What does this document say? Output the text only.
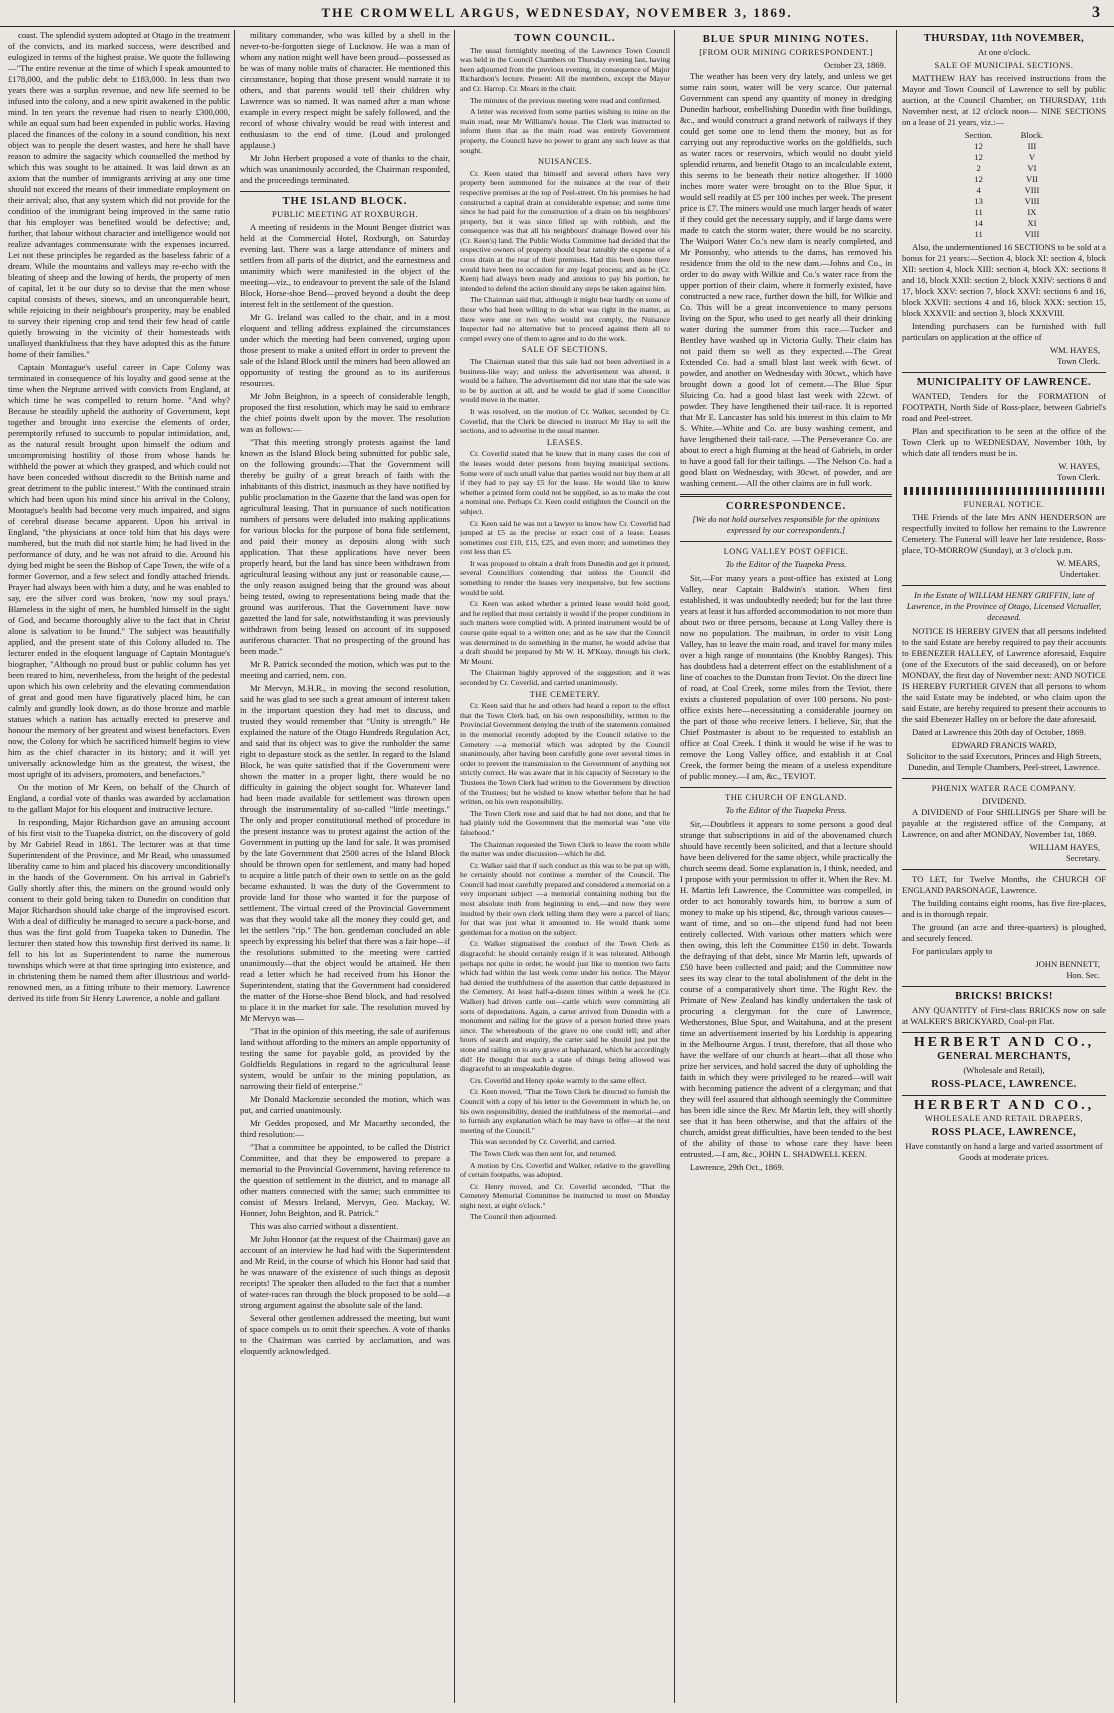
THE CROMWELL ARGUS, WEDNESDAY, NOVEMBER 3, 1869.	3

coast. The splendid system adopted at Otago in the treatment of the convicts, and its marked success, were described and eulogized in terms of the highest praise. We quote the following—"The entire revenue at the time of which I speak amounted to £178,000, and the public debt to £183,000. In less than two years there was a surplus revenue, and new life seemed to be infused into the colony, and a new spirit awakened in the public mind. In ten years the revenue had risen to nearly £300,000, while an equal sum had been expended in public works. Having placed the finances of the colony in a sound condition, his next object was to people the desert wastes, and here he shall have reason to admire the sagacity which counselled the method by which this was sought to be attained. It was laid down as an axiom that the number of immigrants arriving at any one time should not exceed the means of their immediate employment on their arrival; also, that any system which did not provide for the condition of the immigrant being improved in the same ratio that his employer was benefited would be defective; and, further, that labour without character and intelligence would not realize advantages commensurate with the expenses incurred. Let not these principles be regarded as the baseless fabric of a dream. While the mountains and valleys may re-echo with the bleating of sheep and the lowing of herds, the property of men of capital, let it be our duty so to devise that the men whose capital consists of thews, sinews, and an unconquerable heart, while rejoicing in their neighbour's prosperity, may be enabled to survey their ripening crop and tend their few head of cattle quietly browsing in the vicinity of their homesteads with unalloyed thankfulness that they have adopted this as the future home of their families."

Captain Montague's useful career in Cape Colony was terminated in consequence of his loyalty and good sense at the time when the Neptune arrived with convicts from England, at which time he was compelled to return home. "And why? Because he steadily upheld the authority of Government, kept together and brought into exercise the elements of order, peremptorily refused to succumb to popular intimidation, and, as the natural result brought upon himself the odium and uncompromising hostility of those from whose hands he withheld the power at which they grasped, and which could not have been conceded without discredit to the British name and great detriment to the public interest." With the continued strain which had been upon his mind since his arrival in the Colony, Montague's health had become very much impaired, and signs of cerebral disease became apparent. Upon his arrival in England, "the physicians at once told him that his days were numbered, but the truth did not startle him; he had lived in the performance of duty, and he was not afraid to die. Around his dying bed might be seen the Bishop of Cape Town, the wife of a former Governor, and a few select and fondly attached friends. Prayer had always been with him a duty, and he was enabled to say, ere the silver cord was broken, 'now my soul prays.' Blameless in the sight of men, he humbled himself in the sight of God, and became thoroughly alive to the fact that in Christ alone is salvation to be found." The subject was beautifully applied, and the present state of this Colony alluded to. The lecturer ended in the eloquent language of Captain Montague's biographer, "Although no proud bust or public column has yet been reared to him, nevertheless, from the height of the pedestal upon which his own celebrity and the elevating commendation of great and good men have figuratively placed him, he can calmly and grandly look down, as do those bronze and marble statues which a nation has actually erected to preserve and honour the memory of her greatest and wisest benefactors. Even now, the Colony for which he sacrificed himself begins to view him as the chief character in its history; and it will yet universally acknowledge him as the greatest, the wisest, the most upright of its advisers, promoters, and benefactors."

On the motion of Mr Keen, on behalf of the Church of England, a cordial vote of thanks was awarded by acclamation to the gallant Major for his eloquent and instructive lecture.

In responding, Major Richardson gave an amusing account of his first visit to the Tuapeka district, on the discovery of gold by Mr Gabriel Read in 1861. The lecturer was at that time Superintendent of the Province, and Mr Read, who unassumed liberality came to him and placed his discovery unconditionally in the hands of the Government. On his arrival in Gabriel's Gully shortly after this, the miners on the ground would only consent to their gold being taken to Dunedin on condition that Major Richardson should take charge of the improvised escort. With a deal of difficulty he managed to secure a pack-horse, and thus was the first gold from Tuapeka taken to Dunedin. The lecturer then stated how this township first derived its name. It fell to his lot as Superintendent to name the numerous townships which were at that time springing into existence, and in christening them he named them after illustrious and world-renowned men, as a fitting tribute to their memory. Lawrence derived its title from Sir Henry Lawrence, a noble and gallant

military commander, who was killed by a shell in the never-to-be-forgotten siege of Lucknow. He was a man of whom any nation might well have been proud—possessed as he was of many noble traits of character. He mentioned this circumstance, hoping that those present would narrate it to others, and that parents would tell their children why Lawrence was so named. It was named after a man whose example in every respect might be safely followed, and the record of whose chivalry would be read with interest and enthusiasm to the end of time. (Loud and prolonged applause.)

Mr John Herbert proposed a vote of thanks to the chair, which was unanimously accorded, the Chairman responded, and the proceedings terminated.

THE ISLAND BLOCK.
PUBLIC MEETING AT ROXBURGH.

A meeting of residents in the Mount Benger district was held at the Commercial Hotel, Roxburgh, on Saturday evening last. There was a large attendance of miners and settlers from all parts of the district, and the earnestness and unanimity which were manifested in the object of the meeting—viz., to endeavour to prevent the sale of the Island Block, Horse-shoe Bend—proved beyond a doubt the deep interest felt in the settlement of the question.

Mr G. Ireland was called to the chair, and in a most eloquent and telling address explained the circumstances under which the meeting had been convened, urging upon those present to make a united effort in order to prevent the sale of the Island Block until the miners had been allowed an opportunity of testing the ground as to its auriferous resources.

Mr John Beighton, in a speech of considerable length, proposed the first resolution, which may be said to embrace the chief points dwelt upon by the mover. The resolution was as follows:—

"That this meeting strongly protests against the land known as the Island Block being submitted for public sale, on the following grounds:—That the Government will thereby be guilty of a great breach of faith with the inhabitants of this district, inasmuch as they have notified by public proclamation in the Gazette that the land was open for agricultural leasing. That in pursuance of such notification numbers of persons were deluded into making applications for various blocks for the purpose of bona fide settlement, and paid their money as deposits along with such application. That these applications have never been properly heard, but the land has since been withdrawn from agricultural leasing without any just or reasonable cause,—the only reason assigned being that the ground was about being tested, owing to representations being made that the ground was auriferous. That the Government have now gazetted the land for sale, notwithstanding it was previously withdrawn from being leased on account of its supposed auriferous character. That no prospecting of the ground has been made."

Mr R. Patrick seconded the motion, which was put to the meeting and carried, nem. con.

Mr Mervyn, M.H.R., in moving the second resolution, said he was glad to see such a great amount of interest taken in the important question they had met to discuss, and trusted they would remember that "Unity is strength." He explained the nature of the Otago Hundreds Regulation Act, and said that its object was to give the runholder the same right to depasture stock as the settler. In regard to the Island Block, he was quite satisfied that if the Government were shown the matter in a proper light, there would be no difficulty in gaining the object sought for. Whatever land had been made available for settlement was thrown open through the instrumentality of so-called "little meetings." The only and proper constitutional method of procedure in the present instance was to protest against the action of the Government in putting up the land for sale. It was promised by the late Government that 2500 acres of the Island Block should be thrown open for settlement, and many had hoped to acquire a little patch of their own to settle on as the gold became exhausted. It was the duty of the Government to provide land for those who wanted it for the purpose of settlement. The virtual creed of the Provincial Government was that they would take all the money they could get, and let the settlers "rip." The hon. gentleman concluded an able speech by expressing his belief that there was a fair hope—if the resolutions submitted to the meeting were carried unanimously—that the object would be attained. He then read a letter which he had received from his Honor the Superintendent, stating that the Government had considered the matter of the Horse-shoe Bend block, and had resolved to place it in the market for sale. The resolution moved by Mr Mervyn was—

"That in the opinion of this meeting, the sale of auriferous land without affording to the miners an ample opportunity of testing the same for payable gold, as provided by the Goldfields Regulations in regard to the agricultural lease system, would be unfair to the mining population, as narrowing their field of enterprise."

Mr Donald Mackenzie seconded the motion, which was put, and carried unanimously.

Mr Geddes proposed, and Mr Macarthy seconded, the third resolution:—

"That a committee be appointed, to be called the District Committee, and that they be empowered to prepare a memorial to the Provincial Government, having reference to the question of settlement in the district, and to manage all other matters connected with the same; such committee to consist of Messrs Ireland, Mervyn, Geo. Mackay, W. Honner, John Beighton, and R. Patrick."

This was also carried without a dissentient.

Mr John Honnor (at the request of the Chairman) gave an account of an interview he had had with the Superintendent and Mr Reid, in the course of which his Honor had said that he was unaware of the existence of such things as deposit receipts! The speaker then alluded to the fact that a number of water-races ran through the block proposed to be sold—a strong argument against the absolute sale of the land.

Several other gentlemen addressed the meeting, but want of space compels us to omit their speeches. A vote of thanks to the Chairman was carried by acclamation, and was eloquently acknowledged.

TOWN COUNCIL.

The usual fortnightly meeting of the Lawrence Town Council was held in the Council Chambers on Thursday evening last, having been adjourned from the previous evening, in consequence of Major Richardson's lecture. Present: All the members, except the Mayor and Cr. Harrop. Cr. Mears in the chair.

The minutes of the previous meeting were read and confirmed.

A letter was received from some parties wishing to mine on the main road, near Mr Williams's house. The Clerk was instructed to inform them that as the main road was entirely Government property, the Council have no power to grant any such leave as that sought.

NUISANCES.

Cr. Keen stated that himself and several others have very property been summoned for the nuisance at the rear of their respective premises at the top of Peel-street. On his premises he had constructed a capital drain at considerable expense; and some time since he had paid for the construction of a drain on his neighbours' property, but it was since filled up with rubbish, and the consequence was that all his neighbours' drainage flowed over his (Cr. Keen's) land. The Public Works Committee had decided that the respective owners of property should bear rateably the expense of a cross drain at the rear of their premises. Had this been done there would have been no occasion for any legal process; and as he (Cr. Keen) had always been ready and anxious to pay his portion, he intended to defend the action should any steps be taken against him.

The Chairman said that, although it might bear hardly on some of those who had been willing to do what was right in the matter, as there were one or two who would not comply, the Nuisance Inspector had no alternative but to proceed against them all to compel every one of them to agree and to do the work.

SALE OF SECTIONS.

The Chairman stated that this sale had not been advertised in a business-like way; and unless the advertisement was altered, it would be a failure. The advertisement did not state that the sale was to be by auction at all, and he would be glad if some Councillor would move in the matter.

It was resolved, on the motion of Cr. Walker, seconded by Cr. Coverlid, that the Clerk be directed to instruct Mr Hay to sell the sections, and to advertise in the usual manner.

LEASES.

Cr. Coverlid stated that he knew that in many cases the cost of the leases would deter persons from buying municipal sections. Some were of such small value that parties would not buy them at all if they had to pay say £5 for the lease. He would like to know whether a printed form could not be supplied, so as to make the cost a nominal one. Perhaps Cr. Keen could enlighten the Council on the subject.

Cr. Keen said he was not a lawyer to know how Cr. Coverlid had jumped at £5 as the precise or exact cost of a lease. Leases sometimes cost £10, £15, £25, and even more; and sometimes they cost less than £5.

It was proposed to obtain a draft from Dunedin and get it printed, several Councillors contending that unless the Council did something to render the leases very inexpensive, but few sections would be sold.

Cr. Keen was asked whether a printed lease would hold good, and he replied that most certainly it would if the proper conditions in such matters were complied with. A printed instrument would be of course quite equal to a written one; and as he saw that the Council was determined to do something in the matter, he would advise that a draft should be prepared by Mr W. H. M'Keay, through his clerk, Mr Mount.

The Chairman highly approved of the suggestion; and it was seconded by Cr. Coverlid, and carried unanimously.

THE CEMETERY.

Cr. Keen said that he and others had heard a report to the effect that the Town Clerk had, on his own responsibility, written to the Provincial Government denying the truth of the statements contained in the memorial recently adopted by the Council relative to the Cemetery —a memorial which was adopted by the Council unanimously, after having been carefully gone over several times in order to prevent the transmission to the Government of anything not strictly correct. He was aware that in his capacity of Secretary to the Trustees the Town Clerk had written to the Government by direction of the Trustees; but he wished to know whether before that he had written, on his own responsibility.

The Town Clerk rose and said that he had not done, and that he had plainly told the Government that the memorial was "one vile falsehood."

The Chairman requested the Town Clerk to leave the room while the matter was under discussion—which he did.

Cr. Walker said that if such conduct as this was to be put up with, he certainly should not continue a member of the Council. The Council had most carefully prepared and considered a memorial on a very important subject —a memorial containing nothing but the most absolute truth from beginning to end,—and now they were insulted by their own clerk telling them they were a parcel of liars; for that was just what it amounted to. He would thank some gentleman for a motion on the subject.

Cr. Walker stigmatised the conduct of the Town Clerk as disgraceful: he should certainly resign if it was tolerated. Although perhaps not quite in order, he would just like to mention two facts which had within the last week come under his notice. The Mayor had denied the truthfulness of the assertion that cattle depastured in the Cemetery. At least half-a-dozen times within a week he (Cr. Walker) had driven cattle out—cattle which were committing all sorts of depredations. Again, a carter arrived from Dunedin with a monument and railing for the grave of a person buried three years since. The whereabouts of the grave no one could tell; and after hours of search and enquiry, the carter said he should just put the stone and railing on to any grave at haphazard, which he accordingly did! He thought that such a state of things being allowed was disgraceful to an unspeakable degree.

Crs. Coverlid and Henry spoke warmly to the same effect.

Cr. Keen moved, "That the Town Clerk be directed to furnish the Council with a copy of his letter to the Government in which he, on his own responsibility, denied the truthfulness of the memorial—and to furnish any explanation which he may have to offer—at the next meeting of the Council."

This was seconded by Cr. Coverlid, and carried.

The Town Clerk was then sent for, and returned.

A motion by Crs. Coverlid and Walker, relative to the gravelling of certain footpaths, was adopted.

Cr. Henry moved, and Cr. Coverlid seconded, "That the Cemetery Memorial Committee be instructed to meet on Monday night next, at eight o'clock."

The Council then adjourned.

BLUE SPUR MINING NOTES.
[FROM OUR MINING CORRESPONDENT.]
October 23, 1869.

The weather has been very dry lately, and unless we get some rain soon, water will be very scarce. Our paternal Government can spend any quantity of money in dredging Dunedin harbour, embellishing Dunedin with fine buildings, &c., and would construct a grand network of railways if they could get some one to lend them the money, but as for carrying out any reproductive works on the goldfields, such as water races or reservoirs, which would no doubt yield splendid returns, and benefit Otago to an incalculable extent, this seems to be beneath their notice altogether. If 1000 inches more water were brought on to the Blue Spur, it would sell readily at £5 per 100 inches per week. The present price is £7. The miners would use much larger heads of water if they could get the necessary supply, and if large dams were made to catch the storm water, there would be no scarcity. The Waipori Water Co.'s new dam is nearly completed, and Mr Ponsonby, who attends to the dams, has removed his residence from the old to the new dam.—Johns and Co., in order to do away with Wilkie and Co.'s water race from the upper portion of their claim, where it formerly existed, have constructed a new race, further down the hill, for Wilkie and Co. This will be a great inconvenience to many persons living on the Spur, who used to get nearly all their drinking water during the summer from this race.—Tucker and Bentley have washed up in Victoria Gully. Their claim has not paid them so well as they expected.—The Great Extended Co. had a small blast last week with 6cwt. of powder, and another on Wednesday with 30cwt., which have brought down a good lot of cement.—The Blue Spur Sluicing Co. had a good blast last week with 22cwt. of powder. They have lengthened their tail-race. It is reported that Mr E. Lancaster has sold his interest in this claim to Mr S. White.—White and Co. are busy washing cement, and have lengthened their tail-race. —The Perseverance Co. are about to erect a high fluming at the head of Gabriels, in order to have a good fall for their tailings. —The Nelson Co. had a good blast on Wednesday, with 30cwt. of powder, and are washing cement.—All the other claims are in full work.

CORRESPONDENCE.
[We do not hold ourselves responsible for the opinions expressed by our correspondents.]
LONG VALLEY POST OFFICE.
To the Editor of the Tuapeka Press.

Sir,—For many years a post-office has existed at Long Valley, near Captain Baldwin's station. When first established, it was undoubtedly needed; but for the last three years at least it has afforded accommodation to not more than about two or three persons, because at Long Valley there is now no population. The mailman, in order to visit Long Valley, has to leave the main road, and travel for many miles over a high range of mountains (the Knobby Ranges). This has doubtless had a deterrent effect on the establishment of a line of coaches to the Dunstan from Teviot. On the direct line of road, at Coal Creek, some miles from the Teviot, there exists a clustered population of over 100 persons. No post-office exists here—necessitating a considerable journey on the part of those who receive letters. I believe, Sir, that the Chief Postmaster is about to be requested to establish an office at Coal Creek. I think it would be wise if he was to remove the Long Valley office, and establish it at Coal Creek, the former being the means of a useless expenditure of public money.—I am, &c., TEVIOT.

THE CHURCH OF ENGLAND.
To the Editor of the Tuapeka Press.

Sir,—Doubtless it appears to some persons a good deal strange that subscriptions in aid of the abovenamed church should have recently been solicited, and that a lecture should have been delivered for the same object, while practically the church seems dead. Some explanation is, I think, needed, and I propose with your permission to offer it. When the Rev. M. H. Martin left Lawrence, the Committee was compelled, in order to act honorably towards him, to borrow a sum of money to make up his stipend, &c, through various causes—want of time, and so on—the stipend fund had not been entirely collected. With various other matters which were then owing, this left the Committee £150 in debt. Towards the defraying of that debt, since Mr Martin left, upwards of £50 have been collected and paid; and the Committee now sees its way clear to the total abolishment of the debt in the course of a comparatively short time. The Right Rev. the Primate of New Zealand has kindly undertaken the task of procuring a clergyman for the cure of Lawrence, Wetherstones, Blue Spur, and Waitahuna, and at the present time an advertisement inserted by his Lordship is appearing in the Melbourne Argus. I trust, therefore, that all those who have the welfare of our church at heart—that all those who prize her services, and hold sacred the duty of upholding the faith in which they were privileged to be reared—will wait with becoming patience the advent of a clergyman; and that they will feel assured that although seemingly the Committee has been idle since the Rev. Mr Martin left, they will shortly see that it has been otherwise, and that the affairs of the church, amidst great difficulties, have been tended to the best of the ability of those to whose care they have been entrusted.—I am, &c., JOHN L. SHADWELL KEEN.

Lawrence, 29th Oct., 1869.

THURSDAY, 11th NOVEMBER,
At one o'clock.
SALE OF MUNICIPAL SECTIONS.

MATTHEW HAY has received instructions from the Mayor and Town Council of Lawrence to sell by public auction, at the Council Chamber, on THURSDAY, 11th November next, at 12 o'clock noon— NINE SECTIONS on a lease of 21 years, viz.:—

Section.	Block.
12	III
12	V
2	VI
12	VII
4	VIII
13	VIII
11	IX
14	XI
11	VIII

Also, the undermentioned 16 SECTIONS to be sold at a bonus for 21 years:—Section 4, block XI: section 4, block XII: section 4, block XIII: section 4, block XX: sections 8 and 18, block XXII: section 2, block XXIV: sections 8 and 17, block XXV: section 7, block XXVI: sections 6 and 16, block XXVII: sections 4 and 16, block XXX: section 15, block XXXVII: and section 3, block XXXVIII.

Intending purchasers can be furnished with full particulars on application at the office of

WM. HAYES,
Town Clerk.
MUNICIPALITY OF LAWRENCE.

WANTED, Tenders for the FORMATION of FOOTPATH, North Side of Ross-place, between Gabriel's road and Peel-street.

Plan and specification to be seen at the office of the Town Clerk up to WEDNESDAY, November 10th, by which date all tenders must be in.

W. HAYES,
Town Clerk.
FUNERAL NOTICE.

THE Friends of the late Mrs ANN HENDERSON are respectfully invited to follow her remains to the Lawrence Cemetery. The Funeral will leave her late residence, Ross-place, TO-MORROW (Sunday), at 3 o'clock p.m.

W. MEARS,
Undertaker.

In the Estate of WILLIAM HENRY GRIFFIN, late of Lawrence, in the Province of Otago, Licensed Victualler, deceased.

NOTICE IS HEREBY GIVEN that all persons indebted to the said Estate are hereby required to pay their accounts to EBENEZER HALLEY, of Lawrence aforesaid, Esquire (one of the Executors of the said deceased), on or before MONDAY, the first day of November next: AND NOTICE IS HEREBY FURTHER GIVEN that all persons to whom the said Estate may be indebted, or who claim upon the said Estate, are hereby required to present their accounts to the said Ebenezer Halley on or before the date aforesaid.

Dated at Lawrence this 20th day of October, 1869.

EDWARD FRANCIS WARD,
Solicitor to the said Executors, Princes and High Streets, Dunedin, and Temple Chambers, Peel-street, Lawrence.
PHŒNIX WATER RACE COMPANY.
DIVIDEND.

A DIVIDEND of Four SHILLINGS per Share will be payable at the registered office of the Company, at Lawrence, on and after MONDAY, November 1st, 1869.

WILLIAM HAYES,
Secretary.

TO LET, for Twelve Months, the CHURCH OF ENGLAND PARSONAGE, Lawrence.

The building contains eight rooms, has five fire-places, and is in thorough repair.

The ground (an acre and three-quarters) is ploughed, and securely fenced.

For particulars apply to

JOHN BENNETT,
Hon. Sec.
BRICKS! BRICKS!

ANY QUANTITY of First-class BRICKS now on sale at WALKER'S BRICKYARD, Coal-pit Flat.

HERBERT AND CO.,
GENERAL MERCHANTS,
(Wholesale and Retail),
ROSS-PLACE, LAWRENCE.
HERBERT AND CO.,
WHOLESALE AND RETAIL DRAPERS,
ROSS PLACE, LAWRENCE,

Have constantly on hand a large and varied assortment of Goods at moderate prices.
